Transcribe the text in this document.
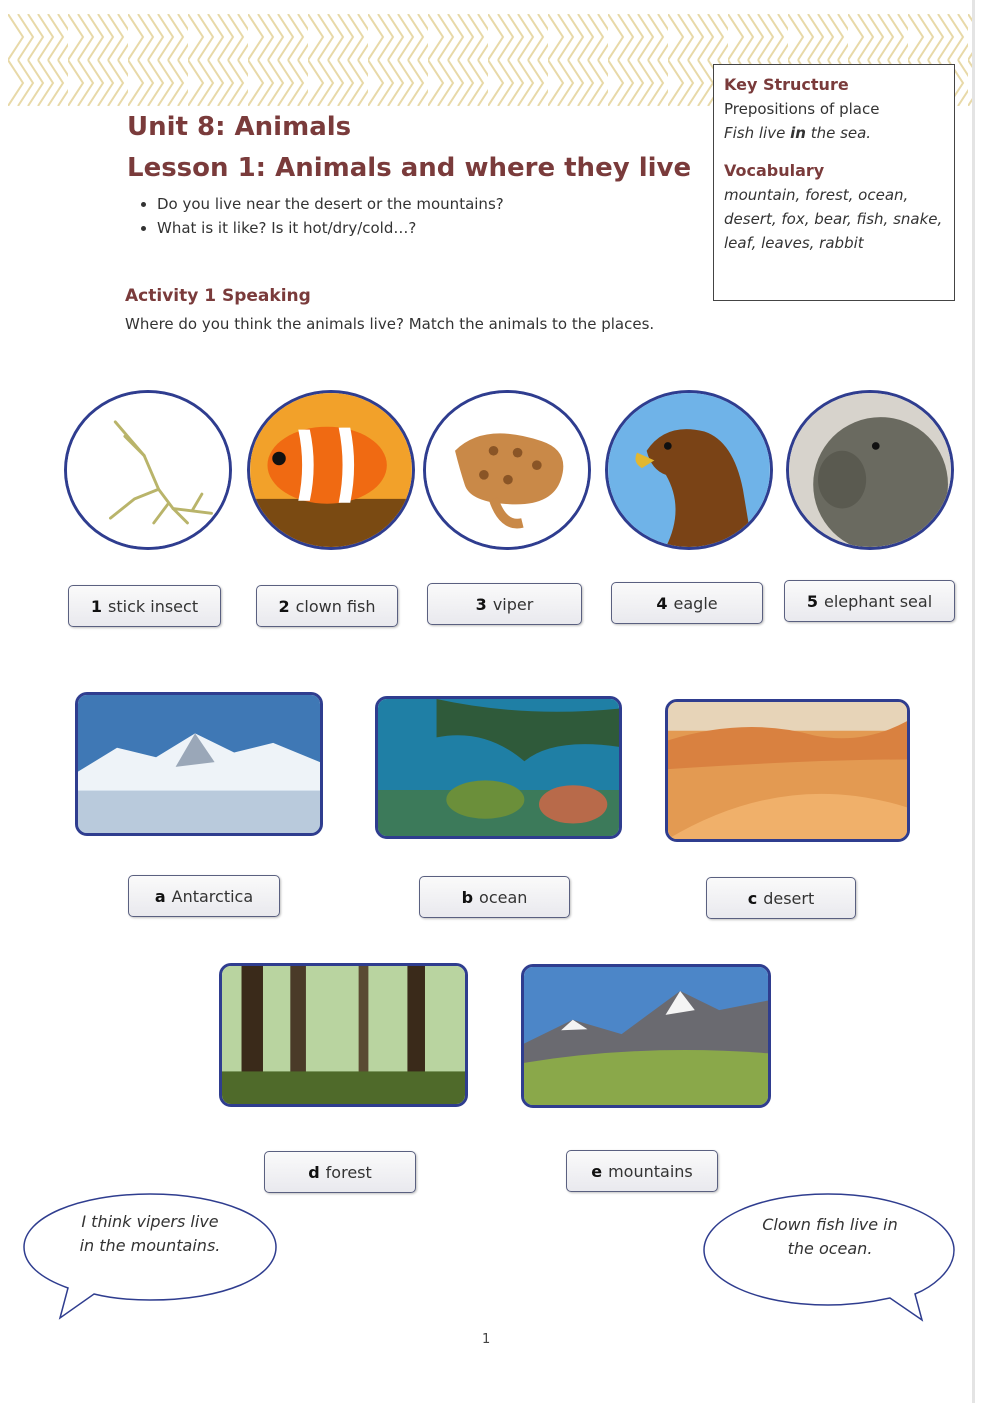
Unit 8: Animals
Lesson 1: Animals and where they live
• Do you live near the desert or the mountains?
• What is it like? Is it hot/dry/cold…?
Key Structure
Prepositions of place
Fish live in the sea.
Vocabulary
mountain, forest, ocean, desert, fox, bear, fish, snake, leaf, leaves, rabbit
Activity 1 Speaking
Where do you think the animals live? Match the animals to the places.
1 stick insect	2 clown fish	3 viper	4 eagle	5 elephant seal
a Antarctica	b ocean	c desert
d forest	e mountains
I think vipers live
in the mountains.
Clown fish live in
the ocean.
1
